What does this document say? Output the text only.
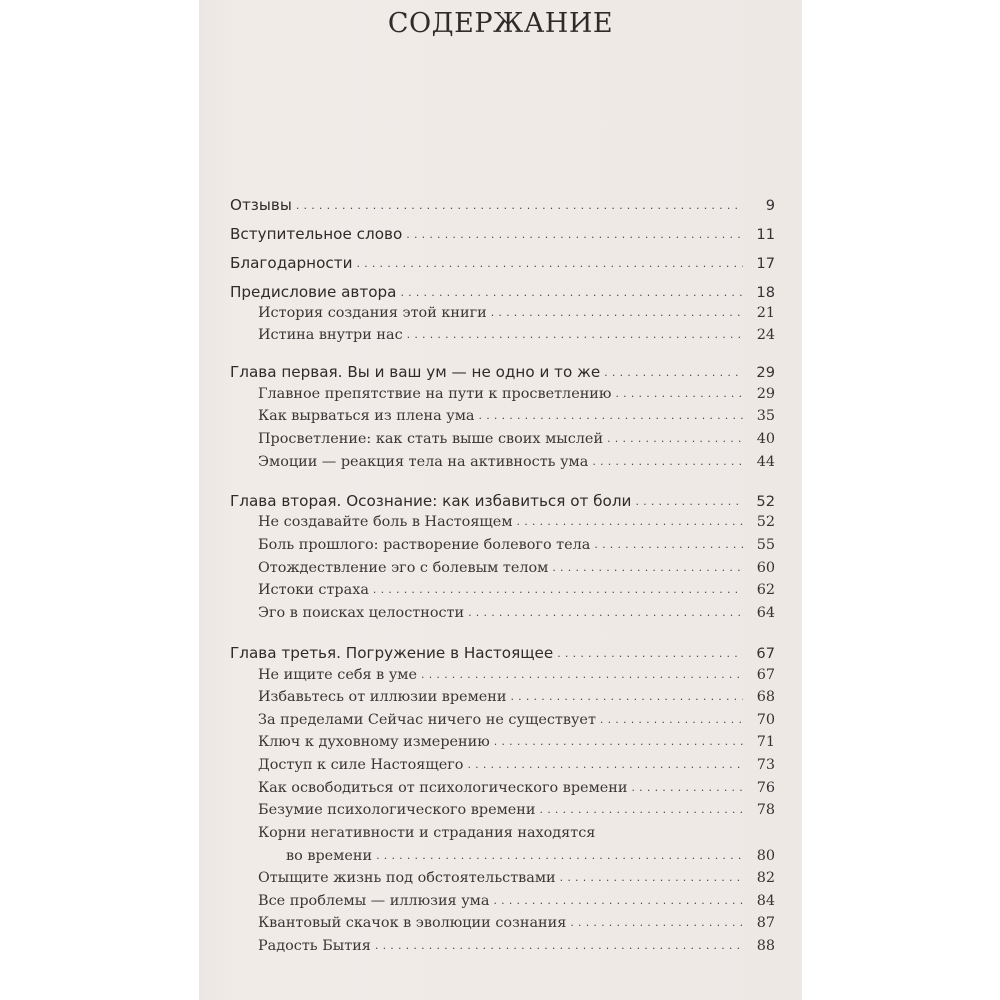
СОДЕРЖАНИЕ
Отзывы .....	9
Вступительное слово .....	11
Благодарности .....	17
Предисловие автора .....	18
История создания этой книги .....	21
Истина внутри нас .....	24
Глава первая. Вы и ваш ум — не одно и то же .....	29
Главное препятствие на пути к просветлению .....	29
Как вырваться из плена ума .....	35
Просветление: как стать выше своих мыслей .....	40
Эмоции — реакция тела на активность ума .....	44
Глава вторая. Осознание: как избавиться от боли .....	52
Не создавайте боль в Настоящем .....	52
Боль прошлого: растворение болевого тела .....	55
Отождествление эго с болевым телом .....	60
Истоки страха .....	62
Эго в поисках целостности .....	64
Глава третья. Погружение в Настоящее .....	67
Не ищите себя в уме .....	67
Избавьтесь от иллюзии времени .....	68
За пределами Сейчас ничего не существует .....	70
Ключ к духовному измерению .....	71
Доступ к силе Настоящего .....	73
Как освободиться от психологического времени .....	76
Безумие психологического времени .....	78
Корни негативности и страдания находятся
во времени .....	80
Отыщите жизнь под обстоятельствами .....	82
Все проблемы — иллюзия ума .....	84
Квантовый скачок в эволюции сознания .....	87
Радость Бытия .....	88
